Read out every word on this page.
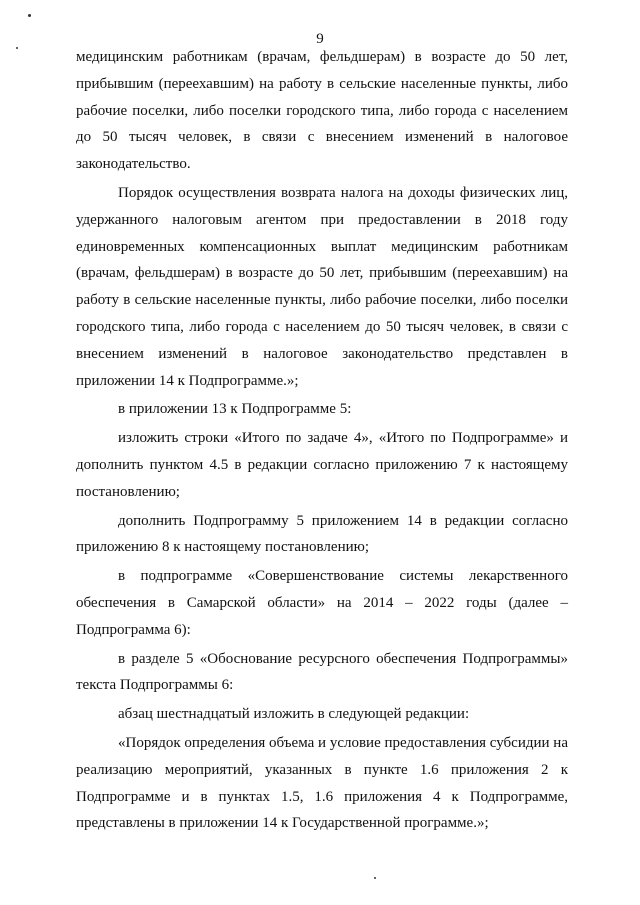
9

медицинским работникам (врачам, фельдшерам) в возрасте до 50 лет, прибывшим (переехавшим) на работу в сельские населенные пункты, либо рабочие поселки, либо поселки городского типа, либо города с населением до 50 тысяч человек, в связи с внесением изменений в налоговое законодательство.

Порядок осуществления возврата налога на доходы физических лиц, удержанного налоговым агентом при предоставлении в 2018 году единовременных компенсационных выплат медицинским работникам (врачам, фельдшерам) в возрасте до 50 лет, прибывшим (переехавшим) на работу в сельские населенные пункты, либо рабочие поселки, либо поселки городского типа, либо города с населением до 50 тысяч человек, в связи с внесением изменений в налоговое законодательство представлен в приложении 14 к Подпрограмме.»;

в приложении 13 к Подпрограмме 5:

изложить строки «Итого по задаче 4», «Итого по Подпрограмме» и дополнить пунктом 4.5 в редакции согласно приложению 7 к настоящему постановлению;

дополнить Подпрограмму 5 приложением 14 в редакции согласно приложению 8 к настоящему постановлению;

в подпрограмме «Совершенствование системы лекарственного обеспечения в Самарской области» на 2014 – 2022 годы (далее – Подпрограмма 6):

в разделе 5 «Обоснование ресурсного обеспечения Подпрограммы» текста Подпрограммы 6:

абзац шестнадцатый изложить в следующей редакции:

«Порядок определения объема и условие предоставления субсидии на реализацию мероприятий, указанных в пункте 1.6 приложения 2 к Подпрограмме и в пунктах 1.5, 1.6 приложения 4 к Подпрограмме, представлены в приложении 14 к Государственной программе.»;
